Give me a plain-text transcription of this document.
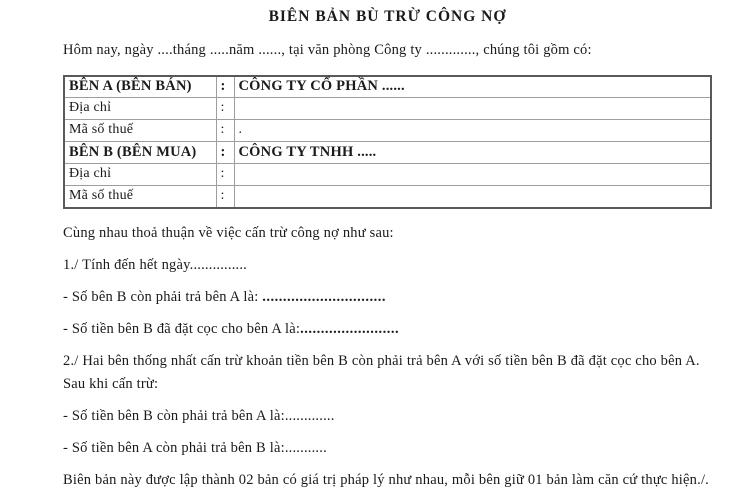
BIÊN BẢN BÙ TRỪ CÔNG NỢ
Hôm nay, ngày ....tháng .....năm ......, tại văn phòng Công ty ............., chúng tôi gồm có:
BÊN A (BÊN BÁN)	:	CÔNG TY CỔ PHẦN ......
Địa chỉ	:	
Mã số thuế	:	.
BÊN B (BÊN MUA)	:	CÔNG TY TNHH .....
Địa chỉ	:	
Mã số thuế	:	

Cùng nhau thoả thuận về việc cấn trừ công nợ như sau:

1./ Tính đến hết ngày...............

- Số bên B còn phải trả bên A là: ..............................

- Số tiền bên B đã đặt cọc cho bên A là:........................

2./ Hai bên thống nhất cấn trừ khoản tiền bên B còn phải trả bên A với số tiền bên B đã đặt cọc cho bên A. Sau khi cấn trừ:

- Số tiền bên B còn phải trả bên A là:.............

- Số tiền bên A còn phải trả bên B là:...........

Biên bản này được lập thành 02 bản có giá trị pháp lý như nhau, mỗi bên giữ 01 bản làm căn cứ thực hiện./.
